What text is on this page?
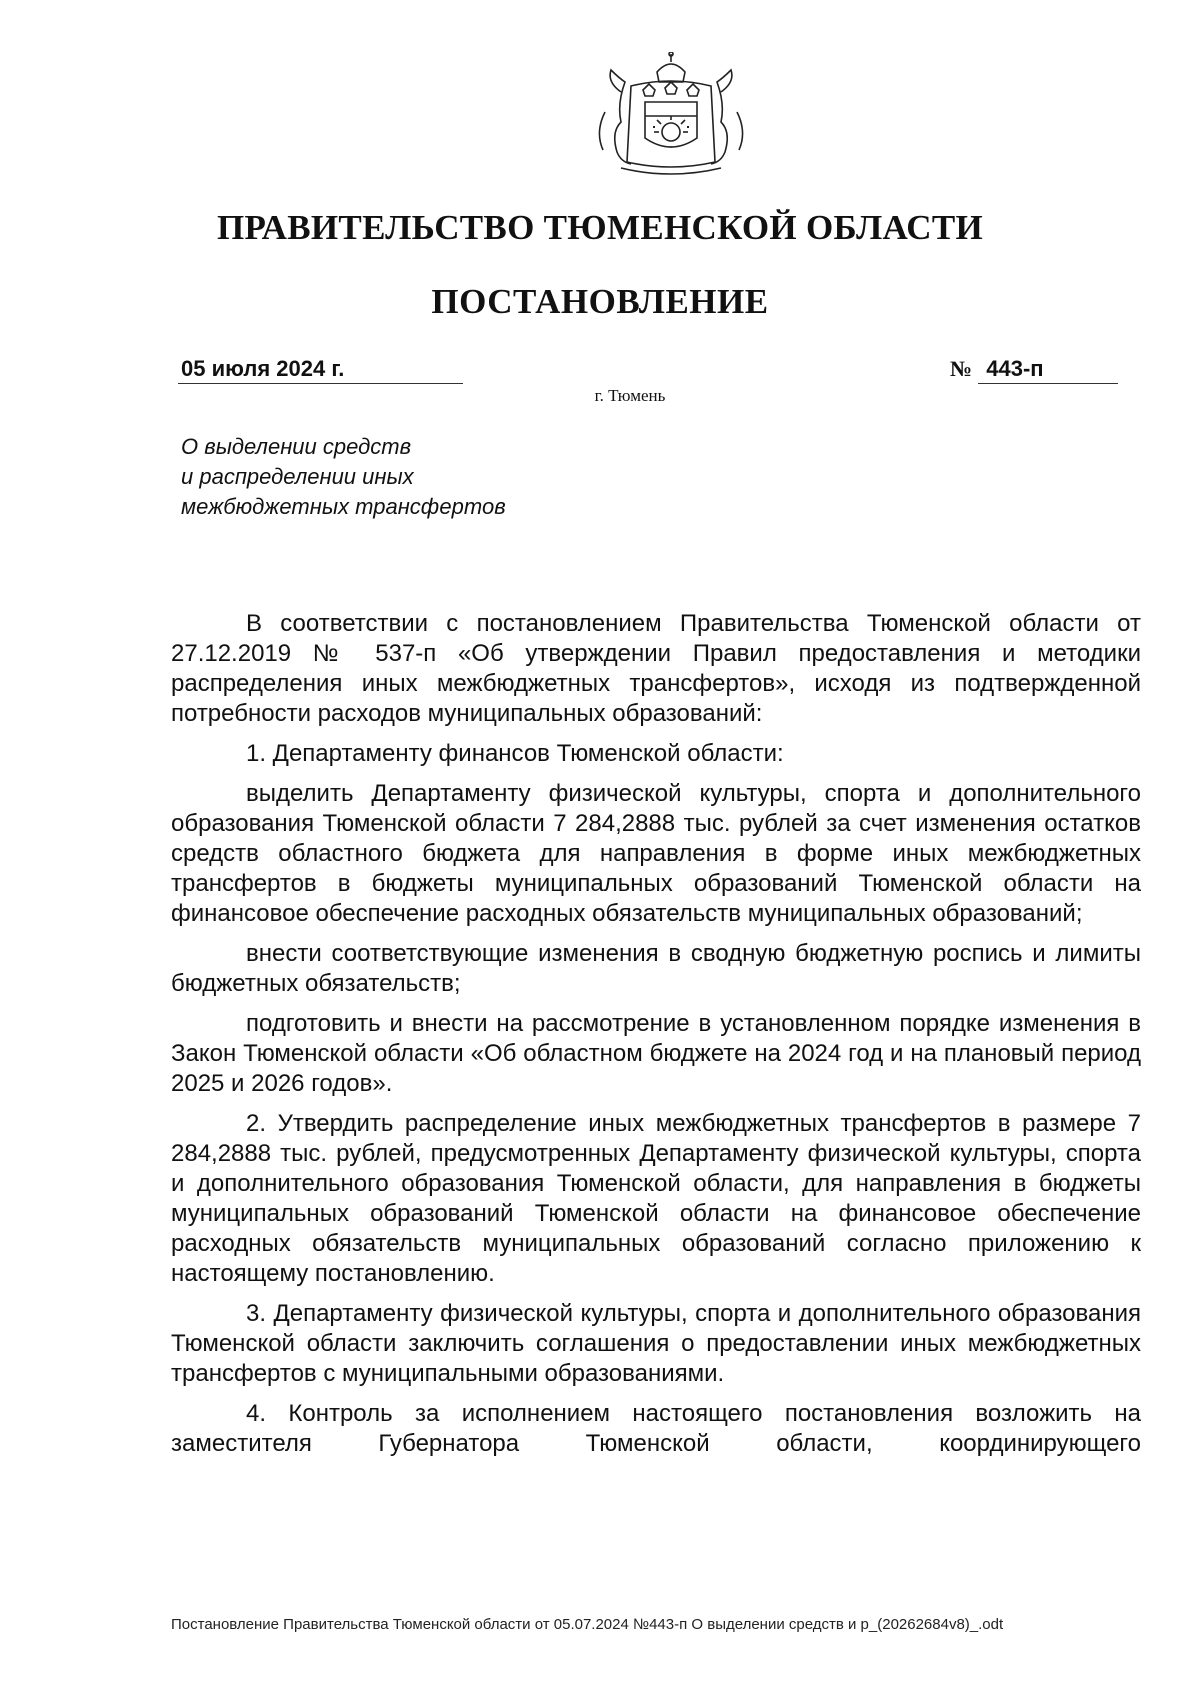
ПРАВИТЕЛЬСТВО ТЮМЕНСКОЙ ОБЛАСТИ
ПОСТАНОВЛЕНИЕ
05 июля 2024 г.	№ 443-п
г. Тюмень
О выделении средств
и распределении иных
межбюджетных трансфертов

В соответствии с постановлением Правительства Тюменской области от 27.12.2019 № 537-п «Об утверждении Правил предоставления и методики распределения иных межбюджетных трансфертов», исходя из подтвержденной потребности расходов муниципальных образований:

1. Департаменту финансов Тюменской области:

выделить Департаменту физической культуры, спорта и дополнительного образования Тюменской области 7 284,2888 тыс. рублей за счет изменения остатков средств областного бюджета для направления в форме иных межбюджетных трансфертов в бюджеты муниципальных образований Тюменской области на финансовое обеспечение расходных обязательств муниципальных образований;

внести соответствующие изменения в сводную бюджетную роспись и лимиты бюджетных обязательств;

подготовить и внести на рассмотрение в установленном порядке изменения в Закон Тюменской области «Об областном бюджете на 2024 год и на плановый период 2025 и 2026 годов».

2. Утвердить распределение иных межбюджетных трансфертов в размере 7 284,2888 тыс. рублей, предусмотренных Департаменту физической культуры, спорта и дополнительного образования Тюменской области, для направления в бюджеты муниципальных образований Тюменской области на финансовое обеспечение расходных обязательств муниципальных образований согласно приложению к настоящему постановлению.

3. Департаменту физической культуры, спорта и дополнительного образования Тюменской области заключить соглашения о предоставлении иных межбюджетных трансфертов с муниципальными образованиями.

4. Контроль за исполнением настоящего постановления возложить на заместителя Губернатора Тюменской области, координирующего

Постановление Правительства Тюменской области от 05.07.2024 №443-п О выделении средств и р_(20262684v8)_.odt
